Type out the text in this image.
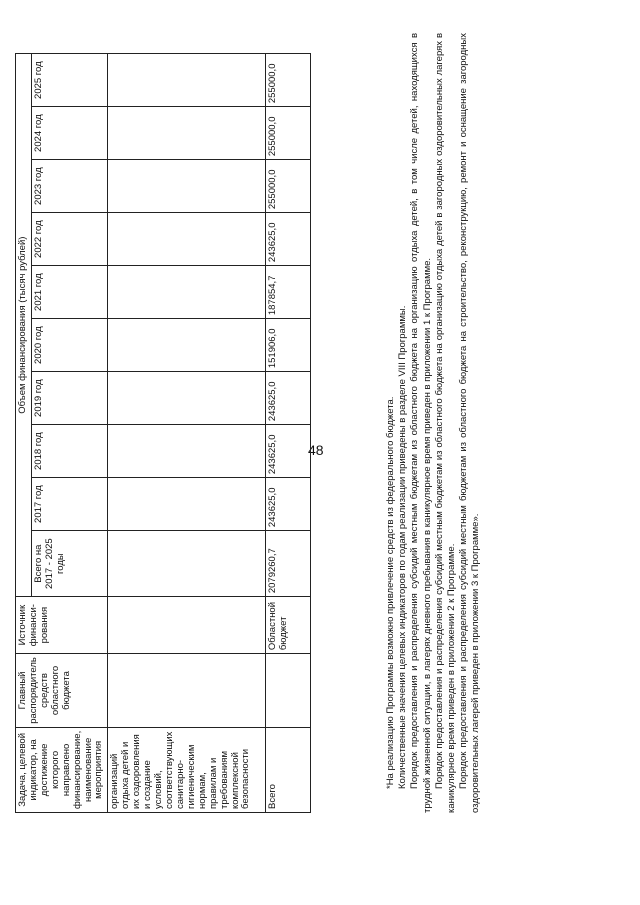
48
Задача, целевой индикатор, на достижение которого направлено финансирование, наименование мероприятия	Главный распорядитель средств областного бюджета	Источник финанси-рования	Объем финансирования (тысяч рублей)									
			Всего на 2017 - 2025 годы	2017 год	2018 год	2019 год	2020 год	2021 год	2022 год	2023 год	2024 год	2025 год
организаций отдыха детей и их оздоровления и создание условий, соответствующих санитарно-гигиеническим нормам, правилам и требованиям комплексной безопасности												
Всего		Областной бюджет	2079260,7	243625,0	243625,0	243625,0	151906,0	187854,7	243625,0	255000,0	255000,0	255000,0

*На реализацию Программы возможно привлечение средств из федерального бюджета. Количественные значения целевых индикаторов по годам реализации приведены в разделе VIII Программы. Порядок предоставления и распределения субсидий местным бюджетам из областного бюджета на организацию отдыха детей, в том числе детей, находящихся в трудной жизненной ситуации, в лагерях дневного пребывания в каникулярное время приведен в приложении 1 к Программе. Порядок предоставления и распределения субсидий местным бюджетам из областного бюджета на организацию отдыха детей в загородных оздоровительных лагерях в каникулярное время приведен в приложении 2 к Программе. Порядок предоставления и распределения субсидий местным бюджетам из областного бюджета на строительство, реконструкцию, ремонт и оснащение загородных оздоровительных лагерей приведен в приложении 3 к Программе».
